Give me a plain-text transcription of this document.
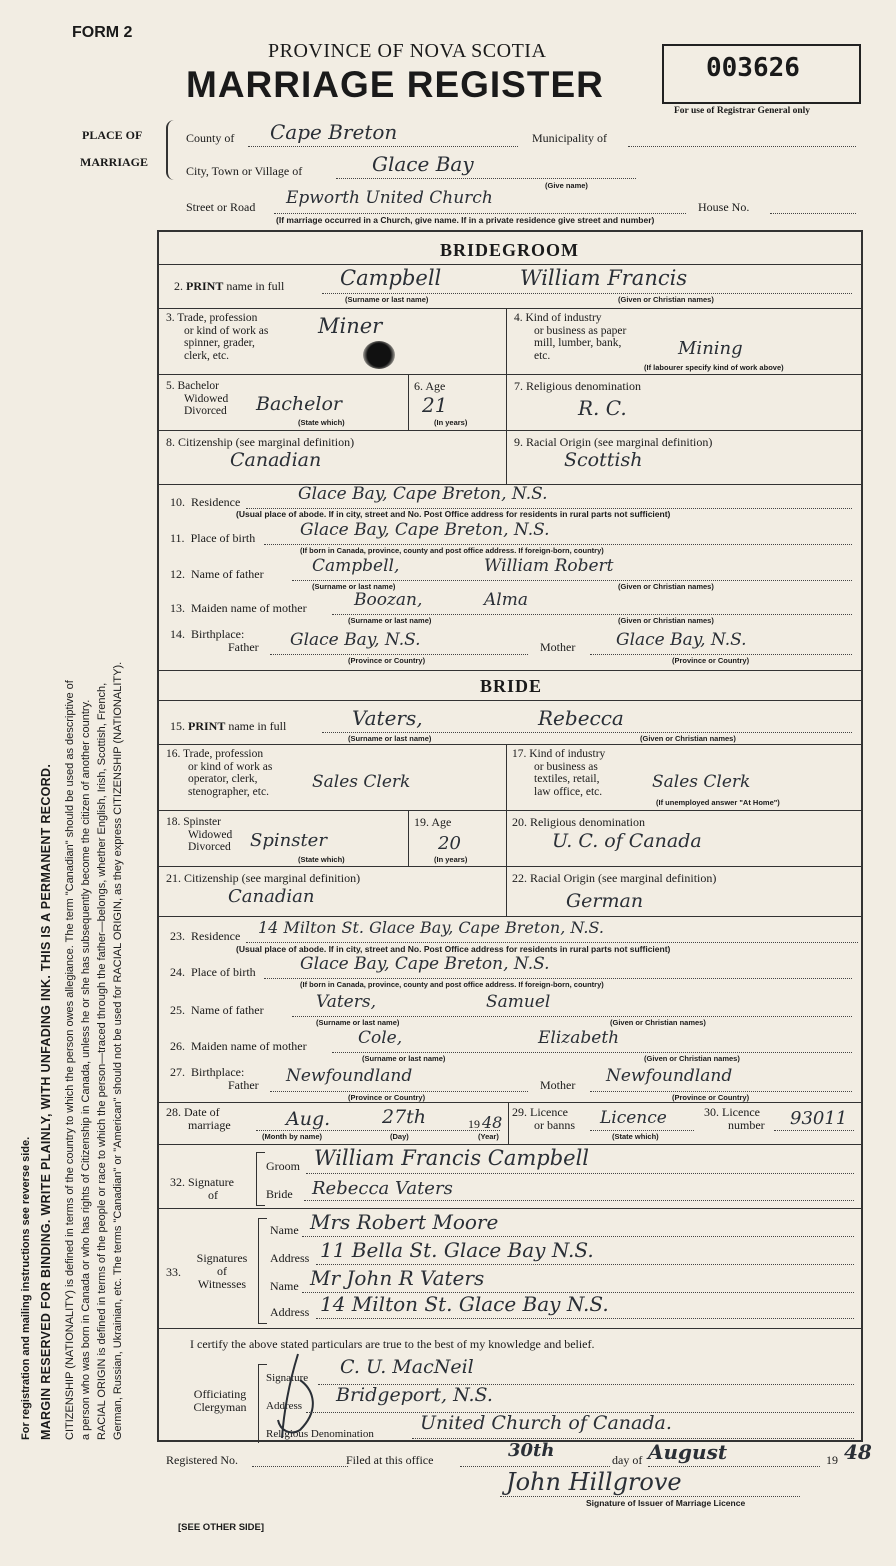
FORM 2
PROVINCE OF NOVA SCOTIA
MARRIAGE REGISTER	003626
For use of Registrar General only
PLACE OF
MARRIAGE
County of Cape Breton	Municipality of
City, Town or Village of	Glace Bay
(Give name)
Street or Road Epworth United Church	House No.
(If marriage occurred in a Church, give name. If in a private residence give street and number)
For registration and mailing instructions see reverse side. MARGIN RESERVED FOR BINDING. WRITE PLAINLY, WITH UNFADING INK. THIS IS A PERMANENT RECORD. CITIZENSHIP (NATIONALITY) is defined in terms of the country to which the person owes allegiance. The term "Canadian" should be used as descriptive of a person who was born in Canada or who has rights of Citizenship in Canada, unless he or she has subsequently become the citizen of another country. RACIAL ORIGIN is defined in terms of the people or race to which the person—traced through the father—belongs, whether English, Irish, Scottish, French, German, Russian, Ukrainian, etc. The terms "Canadian" or "American" should not be used for RACIAL ORIGIN, as they express CITIZENSHIP (NATIONALITY).
BRIDEGROOM
2. PRINT name in full	Campbell	William Francis
(Surname or last name)	(Given or Christian names)
3. Trade, profession
or kind of work as
spinner, grader,
clerk, etc.
Miner	4. Kind of industry
or business as paper
mill, lumber, bank,
etc.	Mining
(If labourer specify kind of work above)
5. Bachelor
Widowed
Divorced Bachelor
(State which)
6. Age
21
(In years)
7. Religious denomination
R. C.
8. Citizenship (see marginal definition)
Canadian
9. Racial Origin (see marginal definition)
Scottish
10.  Residence	Glace Bay, Cape Breton, N.S.
(Usual place of abode. If in city, street and No. Post Office address for residents in rural parts not sufficient)
11.  Place of birth	Glace Bay, Cape Breton, N.S.
(If born in Canada, province, county and post office address. If foreign-born, country)
12.  Name of father	Campbell,	William Robert
(Surname or last name)	(Given or Christian names)
13.  Maiden name of mother	Boozan,	Alma
(Surname or last name)	(Given or Christian names)
14.  Birthplace:
Father Glace Bay, N.S.
(Province or Country)
Mother Glace Bay, N.S.
(Province or Country)
BRIDE
15. PRINT name in full	Vaters,	Rebecca
(Surname or last name)	(Given or Christian names)
16. Trade, profession
or kind of work as
operator, clerk,
stenographer, etc.	Sales Clerk
17. Kind of industry
or business as
textiles, retail,
law office, etc.	Sales Clerk
(If unemployed answer "At Home")
18. Spinster
Widowed
Divorced Spinster
(State which)
19. Age
20
(In years)
20. Religious denomination
U. C. of Canada
21. Citizenship (see marginal definition)
Canadian
22. Racial Origin (see marginal definition)
German
23.  Residence 14 Milton St. Glace Bay, Cape Breton, N.S.
(Usual place of abode. If in city, street and No. Post Office address for residents in rural parts not sufficient)
24.  Place of birth	Glace Bay, Cape Breton, N.S.
(If born in Canada, province, county and post office address. If foreign-born, country)
25.  Name of father	Vaters,	Samuel
(Surname or last name)	(Given or Christian names)
26.  Maiden name of mother	Cole,	Elizabeth
(Surname or last name)	(Given or Christian names)
27.  Birthplace:
Father Newfoundland
(Province or Country)
Mother Newfoundland
(Province or Country)
28. Date of
marriage	Aug.	27th	19 48
(Month by name)	(Day)	(Year)
29. Licence
or banns Licence
(State which)
30. Licence
number 93011
32. Signature
of
Groom William Francis Campbell
Bride Rebecca Vaters
Signatures
of
Witnesses
33.
Name Mrs Robert Moore
Address 11 Bella St. Glace Bay N.S.
Name Mr John R Vaters
Address 14 Milton St. Glace Bay N.S.
I certify the above stated particulars are true to the best of my knowledge and belief.
Officiating
Clergyman
Signature C. U. MacNeil
Address Bridgeport, N.S.
Religious Denomination United Church of Canada.
Registered No.	Filed at this office	30th	day of August	19 48
John Hillgrove
Signature of Issuer of Marriage Licence
[SEE OTHER SIDE]
